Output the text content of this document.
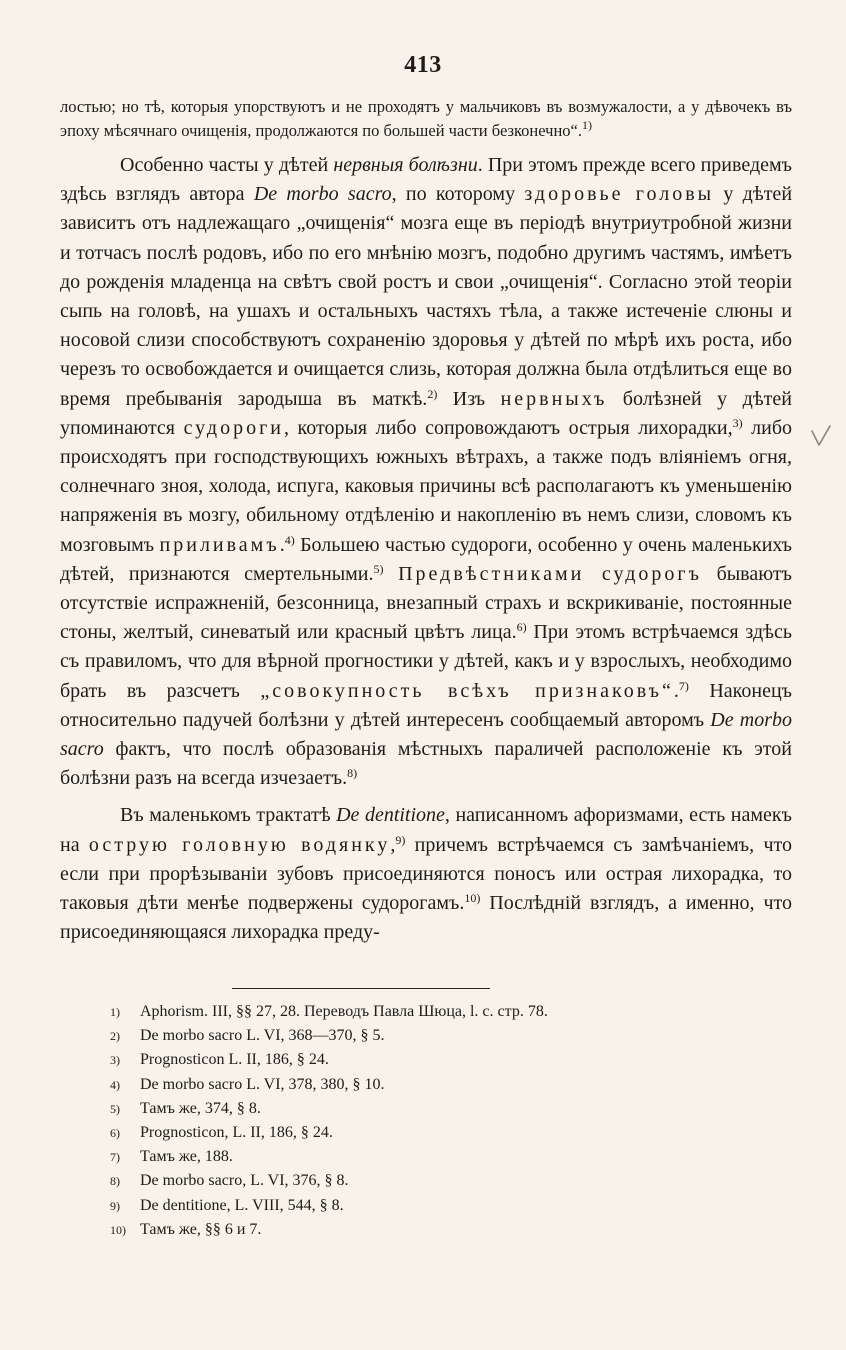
413

лостью; но тѣ, которыя упорствуютъ и не проходятъ у мальчиковъ въ возмужалости, а у дѣвочекъ въ эпоху мѣсячнаго очищенія, продолжаются по большей части безконечно“.$^{1)}$

Особенно часты у дѣтей нервныя болѣзни. При этомъ прежде всего приведемъ здѣсь взглядъ автора De morbo sacro, по которому здоровье головы у дѣтей зависитъ отъ надлежащаго „очищенія“ мозга еще въ періодѣ внутриутробной жизни и тотчасъ послѣ родовъ, ибо по его мнѣнію мозгъ, подобно другимъ частямъ, имѣетъ до рожденія младенца на свѣтъ свой ростъ и свои „очищенія“. Согласно этой теоріи сыпь на головѣ, на ушахъ и остальныхъ частяхъ тѣла, а также истеченіе слюны и носовой слизи способствуютъ сохраненію здоровья у дѣтей по мѣрѣ ихъ роста, ибо черезъ то освобождается и очищается слизь, которая должна была отдѣлиться еще во время пребыванія зародыша въ маткѣ.$^{2)}$ Изъ нервныхъ болѣзней у дѣтей упоминаются судороги, которыя либо сопровождаютъ острыя лихорадки,$^{3)}$ либо происходятъ при господствующихъ южныхъ вѣтрахъ, а также подъ вліяніемъ огня, солнечнаго зноя, холода, испуга, каковыя причины всѣ располагаютъ къ уменьшенію напряженія въ мозгу, обильному отдѣленію и накопленію въ немъ слизи, словомъ къ мозговымъ приливамъ.$^{4)}$ Большею частью судороги, особенно у очень маленькихъ дѣтей, признаются смертельными.$^{5)}$ Предвѣстниками судорогъ бываютъ отсутствіе испражненій, безсонница, внезапный страхъ и вскрикиваніе, постоянные стоны, желтый, синеватый или красный цвѣтъ лица.$^{6)}$ При этомъ встрѣчаемся здѣсь съ правиломъ, что для вѣрной прогностики у дѣтей, какъ и у взрослыхъ, необходимо брать въ разсчетъ „совокупность всѣхъ признаковъ“.$^{7)}$ Наконецъ относительно падучей болѣзни у дѣтей интересенъ сообщаемый авторомъ De morbo sacro фактъ, что послѣ образованія мѣстныхъ параличей расположеніе къ этой болѣзни разъ на всегда изчезаетъ.$^{8)}$

Въ маленькомъ трактатѣ De dentitione, написанномъ афоризмами, есть намекъ на острую головную водянку,$^{9)}$ причемъ встрѣчаемся съ замѣчаніемъ, что если при прорѣзываніи зубовъ присоединяются поносъ или острая лихорадка, то таковыя дѣти менѣе подвержены судорогамъ.$^{10)}$ Послѣдній взглядъ, а именно, что присоединяющаяся лихорадка преду-

1)	Aphorism. III, §§ 27, 28. Переводъ Павла Шюца, l. c. стр. 78.
2)	De morbo sacro L. VI, 368—370, § 5.
3)	Prognosticon L. II, 186, § 24.
4)	De morbo sacro L. VI, 378, 380, § 10.
5)	Тамъ же, 374, § 8.
6)	Prognosticon, L. II, 186, § 24.
7)	Тамъ же, 188.
8)	De morbo sacro, L. VI, 376, § 8.
9)	De dentitione, L. VIII, 544, § 8.
10) Тамъ же, §§ 6 и 7.
